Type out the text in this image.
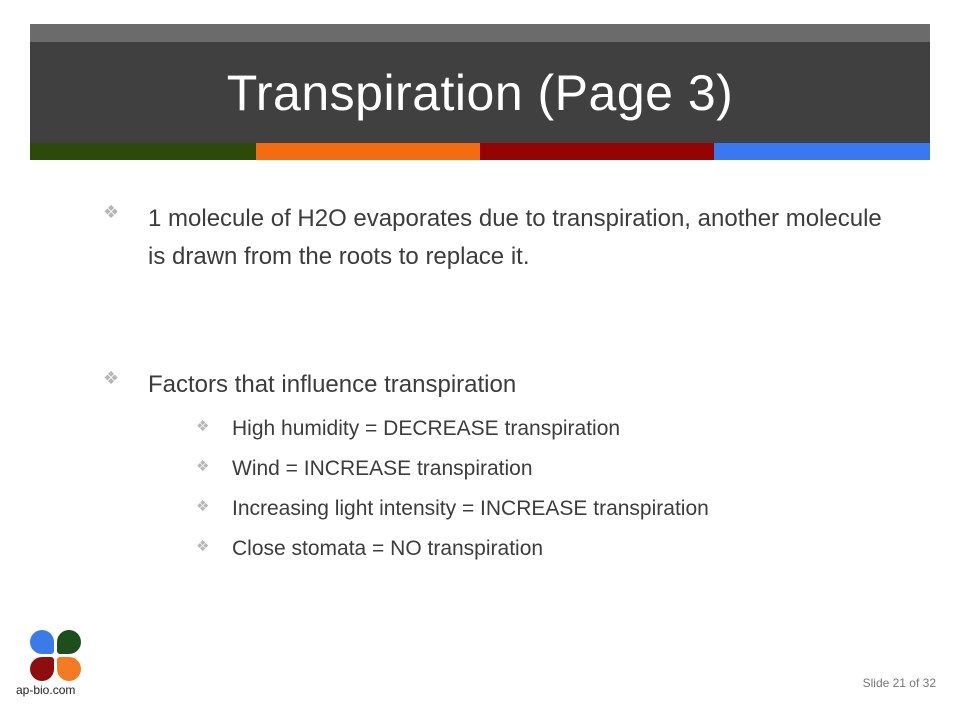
Transpiration (Page 3)
❖	1 molecule of H2O evaporates due to transpiration, another molecule is drawn from the roots to replace it.
❖	Factors that influence transpiration
❖	High humidity = DECREASE transpiration
❖	Wind = INCREASE transpiration
❖	Increasing light intensity = INCREASE transpiration
❖	Close stomata = NO transpiration
ap-bio.com	Slide 21 of 32
